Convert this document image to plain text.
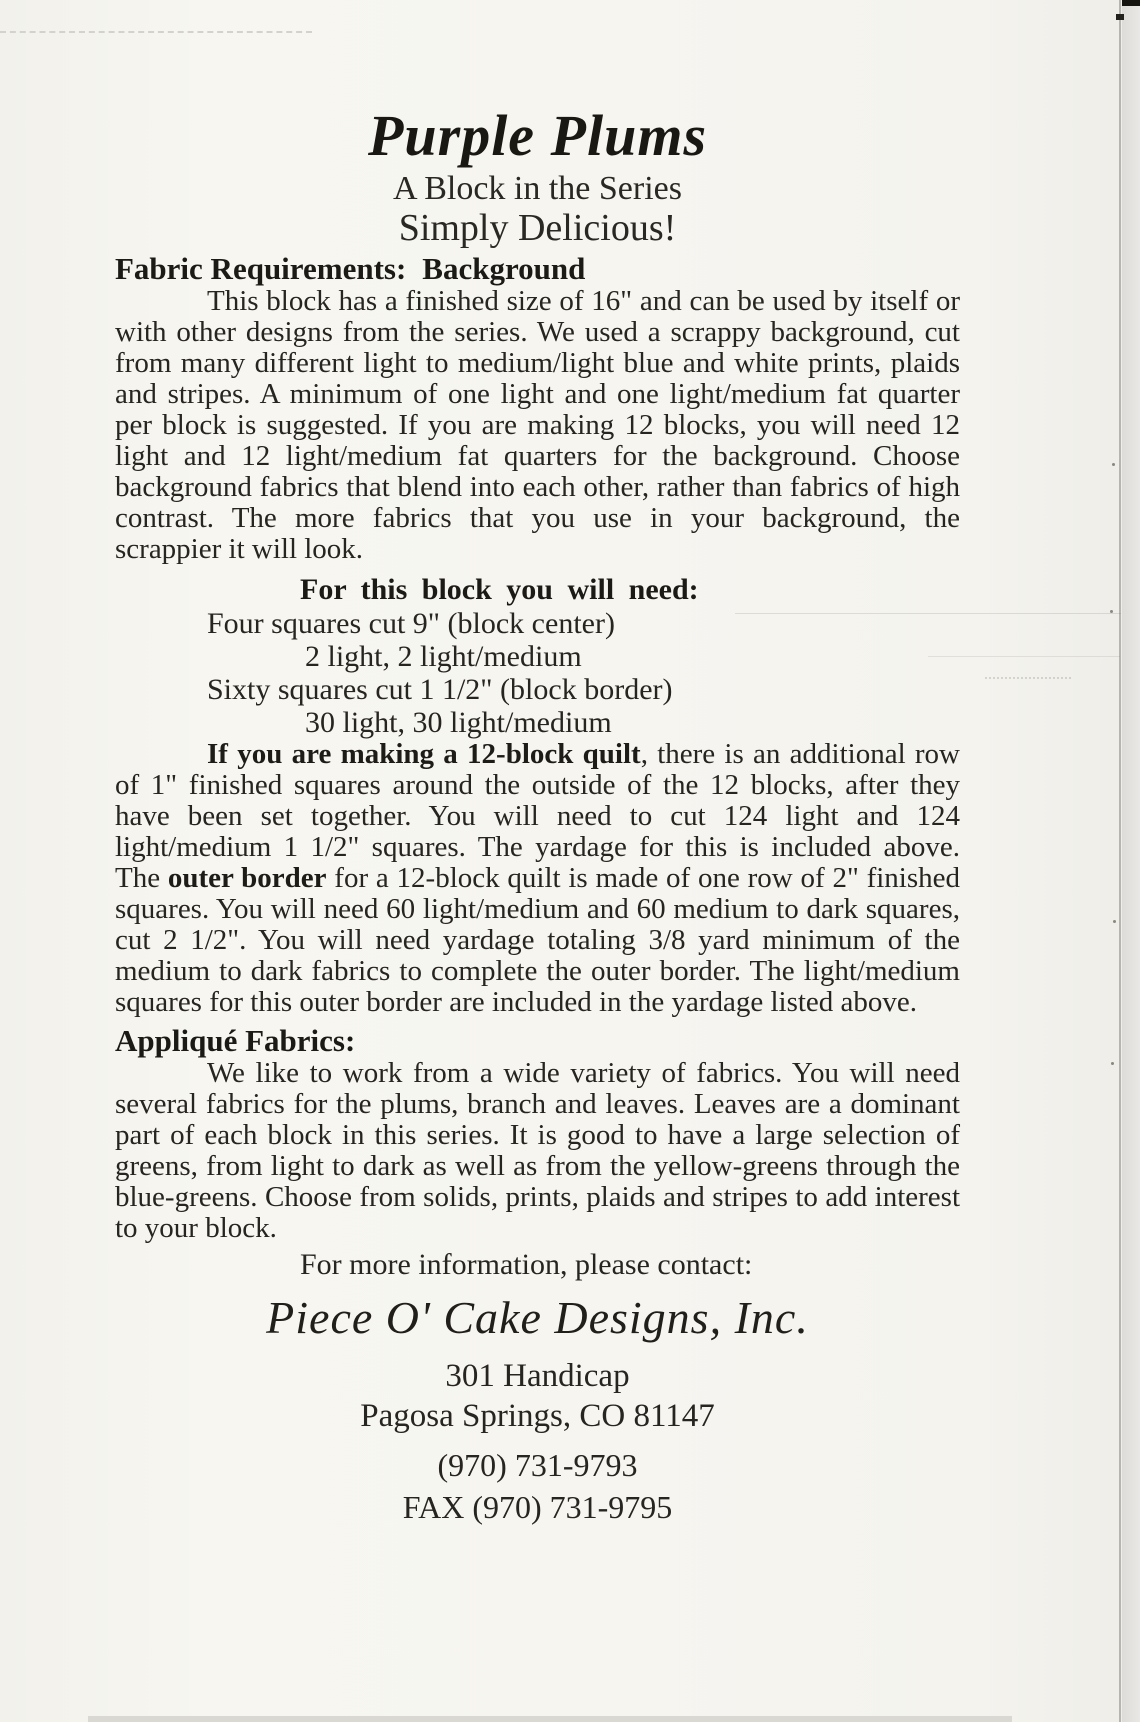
Purple Plums
A Block in the Series
Simply Delicious!
Fabric Requirements: Background

This block has a finished size of 16" and can be used by itself or with other designs from the series. We used a scrappy background, cut from many different light to medium/light blue and white prints, plaids and stripes. A minimum of one light and one light/medium fat quarter per block is suggested. If you are making 12 blocks, you will need 12 light and 12 light/medium fat quarters for the background. Choose background fabrics that blend into each other, rather than fabrics of high contrast. The more fabrics that you use in your background, the scrappier it will look.

For this block you will need:
Four squares cut 9" (block center)
2 light, 2 light/medium
Sixty squares cut 1 1/2" (block border)
30 light, 30 light/medium

If you are making a 12-block quilt, there is an additional row of 1" finished squares around the outside of the 12 blocks, after they have been set together. You will need to cut 124 light and 124 light/medium 1 1/2" squares. The yardage for this is included above. The outer border for a 12-block quilt is made of one row of 2" finished squares. You will need 60 light/medium and 60 medium to dark squares, cut 2 1/2". You will need yardage totaling 3/8 yard minimum of the medium to dark fabrics to complete the outer border. The light/medium squares for this outer border are included in the yardage listed above.

Appliqué Fabrics:

We like to work from a wide variety of fabrics. You will need several fabrics for the plums, branch and leaves. Leaves are a dominant part of each block in this series. It is good to have a large selection of greens, from light to dark as well as from the yellow-greens through the blue-greens. Choose from solids, prints, plaids and stripes to add interest to your block.

For more information, please contact:
Piece O' Cake Designs, Inc.
301 Handicap
Pagosa Springs, CO 81147
(970) 731-9793
FAX (970) 731-9795
